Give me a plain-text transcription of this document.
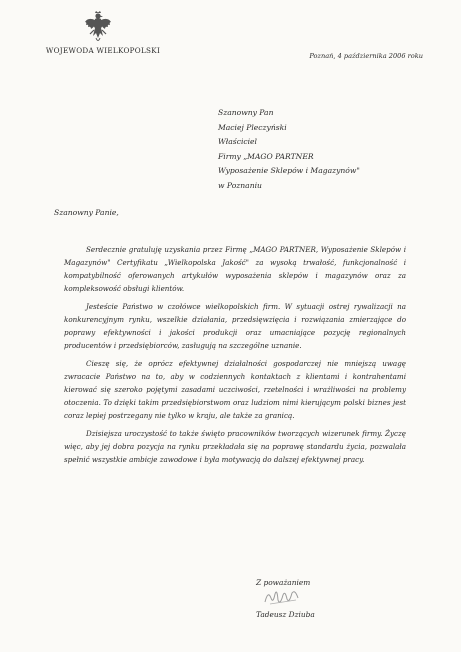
WOJEWODA WIELKOPOLSKI
Poznań, 4 października 2006 roku
Szanowny Pan
Maciej Pleczyński
Właściciel
Firmy „MAGO PARTNER
Wyposażenie Sklepów i Magazynów"
w Poznaniu
Szanowny Panie,

Serdecznie gratuluję uzyskania przez Firmę „MAGO PARTNER, Wyposażenie Sklepów i Magazynów" Certyfikatu „Wielkopolska Jakość" za wysoką trwałość, funkcjonalność i kompatybilność oferowanych artykułów wyposażenia sklepów i magazynów oraz za kompleksowość obsługi klientów.

Jesteście Państwo w czołówce wielkopolskich firm. W sytuacji ostrej rywalizacji na konkurencyjnym rynku, wszelkie działania, przedsięwzięcia i rozwiązania zmierzające do poprawy efektywności i jakości produkcji oraz umacniające pozycję regionalnych producentów i przedsiębiorców, zasługują na szczególne uznanie.

Cieszę się, że oprócz efektywnej działalności gospodarczej nie mniejszą uwagę zwracacie Państwo na to, aby w codziennych kontaktach z klientami i kontrahentami kierować się szeroko pojętymi zasadami uczciwości, rzetelności i wrażliwości na problemy otoczenia. To dzięki takim przedsiębiorstwom oraz ludziom nimi kierującym polski biznes jest coraz lepiej postrzegany nie tylko w kraju, ale także za granicą.

Dzisiejsza uroczystość to także święto pracowników tworzących wizerunek firmy. Życzę więc, aby jej dobra pozycja na rynku przekładała się na poprawę standardu życia, pozwalała spełnić wszystkie ambicje zawodowe i była motywacją do dalszej efektywnej pracy.

Z poważaniem
Tadeusz Dziuba
